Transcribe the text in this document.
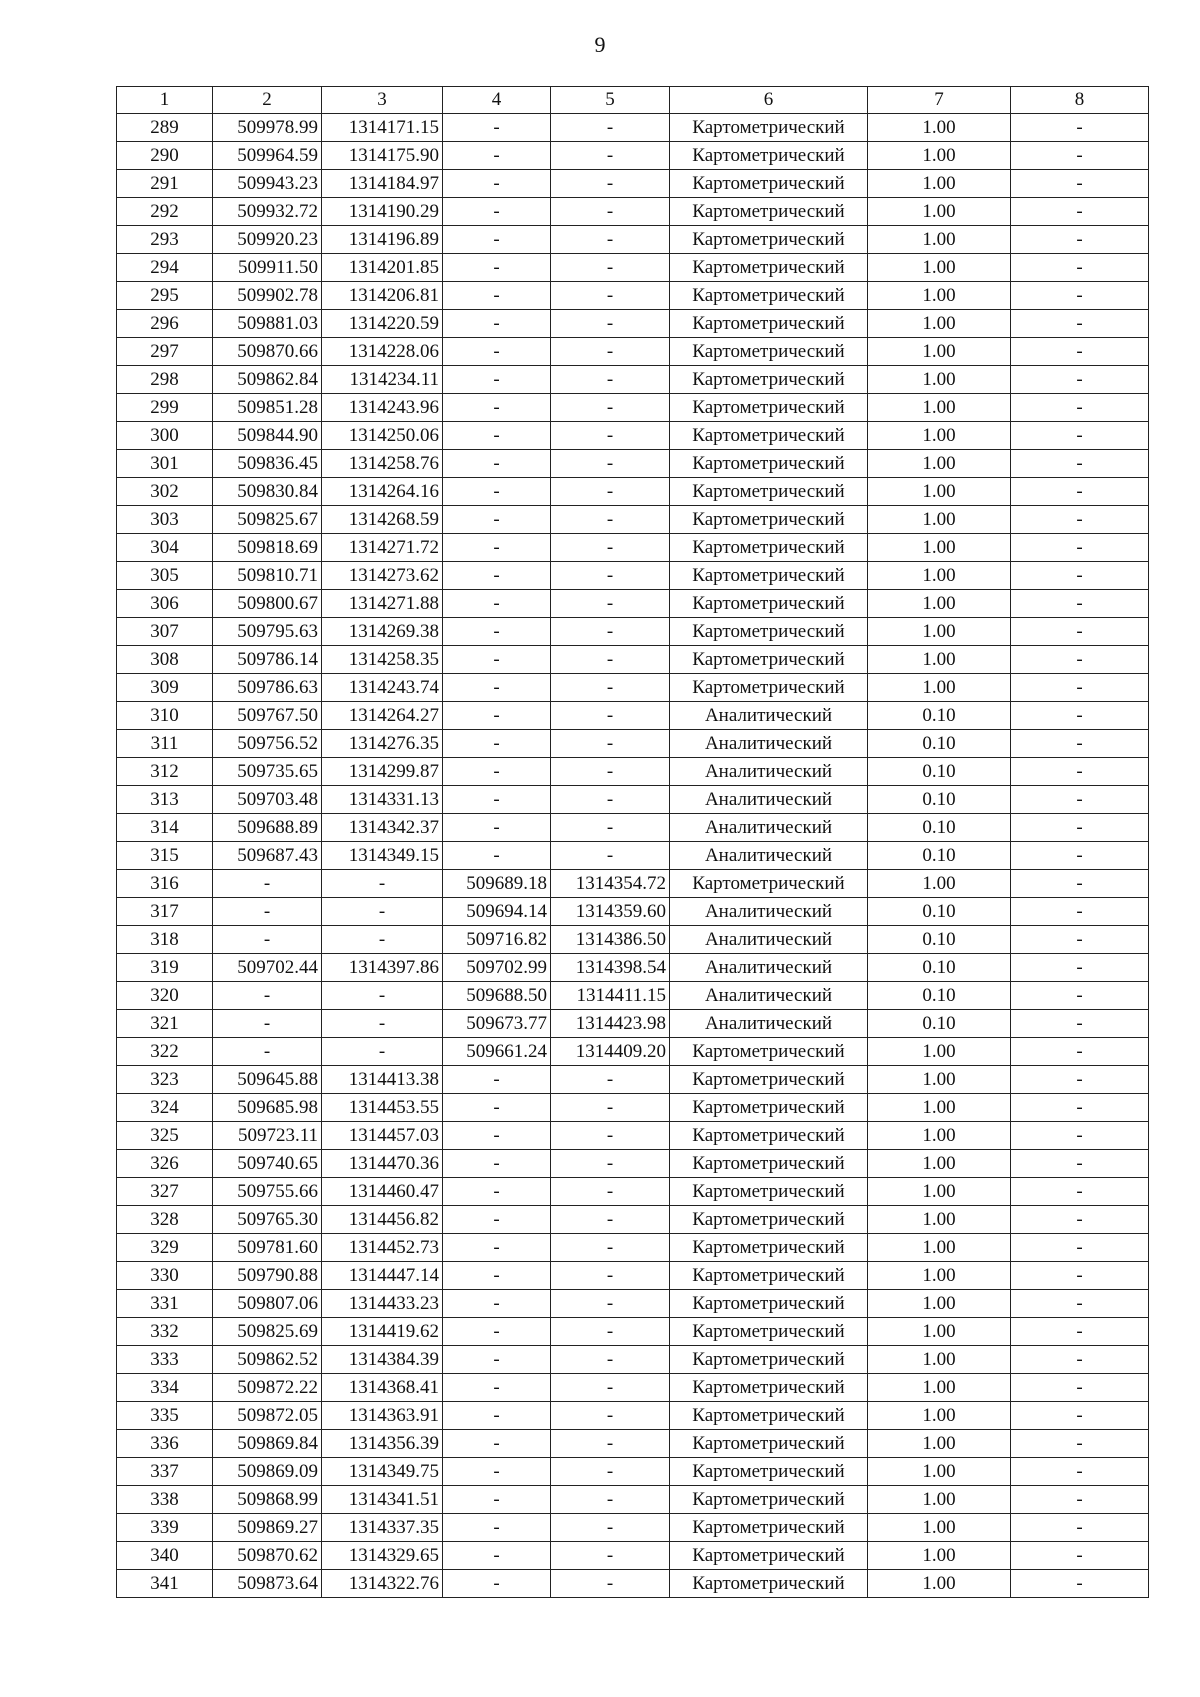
9
1	2	3	4	5	6	7	8
289	509978.99	1314171.15	-	-	Картометрический	1.00	-
290	509964.59	1314175.90	-	-	Картометрический	1.00	-
291	509943.23	1314184.97	-	-	Картометрический	1.00	-
292	509932.72	1314190.29	-	-	Картометрический	1.00	-
293	509920.23	1314196.89	-	-	Картометрический	1.00	-
294	509911.50	1314201.85	-	-	Картометрический	1.00	-
295	509902.78	1314206.81	-	-	Картометрический	1.00	-
296	509881.03	1314220.59	-	-	Картометрический	1.00	-
297	509870.66	1314228.06	-	-	Картометрический	1.00	-
298	509862.84	1314234.11	-	-	Картометрический	1.00	-
299	509851.28	1314243.96	-	-	Картометрический	1.00	-
300	509844.90	1314250.06	-	-	Картометрический	1.00	-
301	509836.45	1314258.76	-	-	Картометрический	1.00	-
302	509830.84	1314264.16	-	-	Картометрический	1.00	-
303	509825.67	1314268.59	-	-	Картометрический	1.00	-
304	509818.69	1314271.72	-	-	Картометрический	1.00	-
305	509810.71	1314273.62	-	-	Картометрический	1.00	-
306	509800.67	1314271.88	-	-	Картометрический	1.00	-
307	509795.63	1314269.38	-	-	Картометрический	1.00	-
308	509786.14	1314258.35	-	-	Картометрический	1.00	-
309	509786.63	1314243.74	-	-	Картометрический	1.00	-
310	509767.50	1314264.27	-	-	Аналитический	0.10	-
311	509756.52	1314276.35	-	-	Аналитический	0.10	-
312	509735.65	1314299.87	-	-	Аналитический	0.10	-
313	509703.48	1314331.13	-	-	Аналитический	0.10	-
314	509688.89	1314342.37	-	-	Аналитический	0.10	-
315	509687.43	1314349.15	-	-	Аналитический	0.10	-
316	-	-	509689.18	1314354.72	Картометрический	1.00	-
317	-	-	509694.14	1314359.60	Аналитический	0.10	-
318	-	-	509716.82	1314386.50	Аналитический	0.10	-
319	509702.44	1314397.86	509702.99	1314398.54	Аналитический	0.10	-
320	-	-	509688.50	1314411.15	Аналитический	0.10	-
321	-	-	509673.77	1314423.98	Аналитический	0.10	-
322	-	-	509661.24	1314409.20	Картометрический	1.00	-
323	509645.88	1314413.38	-	-	Картометрический	1.00	-
324	509685.98	1314453.55	-	-	Картометрический	1.00	-
325	509723.11	1314457.03	-	-	Картометрический	1.00	-
326	509740.65	1314470.36	-	-	Картометрический	1.00	-
327	509755.66	1314460.47	-	-	Картометрический	1.00	-
328	509765.30	1314456.82	-	-	Картометрический	1.00	-
329	509781.60	1314452.73	-	-	Картометрический	1.00	-
330	509790.88	1314447.14	-	-	Картометрический	1.00	-
331	509807.06	1314433.23	-	-	Картометрический	1.00	-
332	509825.69	1314419.62	-	-	Картометрический	1.00	-
333	509862.52	1314384.39	-	-	Картометрический	1.00	-
334	509872.22	1314368.41	-	-	Картометрический	1.00	-
335	509872.05	1314363.91	-	-	Картометрический	1.00	-
336	509869.84	1314356.39	-	-	Картометрический	1.00	-
337	509869.09	1314349.75	-	-	Картометрический	1.00	-
338	509868.99	1314341.51	-	-	Картометрический	1.00	-
339	509869.27	1314337.35	-	-	Картометрический	1.00	-
340	509870.62	1314329.65	-	-	Картометрический	1.00	-
341	509873.64	1314322.76	-	-	Картометрический	1.00	-
